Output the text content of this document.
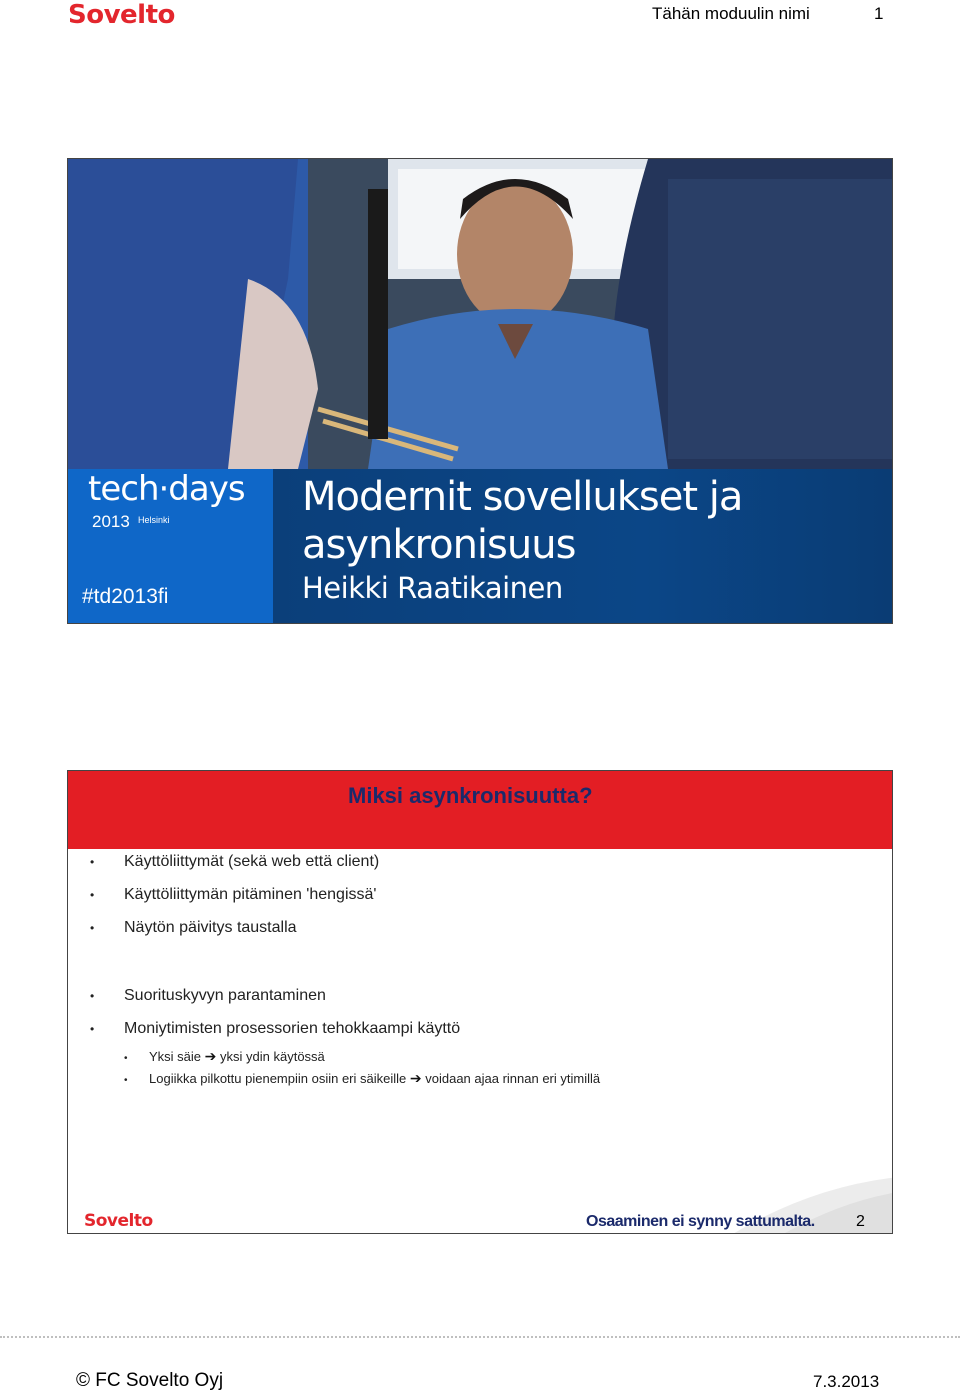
Sovelto	Tähän moduulin nimi	1
tech·days
2013 Helsinki
#td2013fi
Modernit sovellukset ja
asynkronisuus
Heikki Raatikainen
Miksi asynkronisuutta?
• Käyttöliittymät (sekä web että client)
• Käyttöliittymän pitäminen 'hengissä'
• Näytön päivitys taustalla
• Suorituskyvyn parantaminen
• Moniytimisten prosessorien tehokkaampi käyttö
• Yksi säie ➔ yksi ydin käytössä
• Logiikka pilkottu pienempiin osiin eri säikeille ➔ voidaan ajaa rinnan eri ytimillä
Sovelto	Osaaminen ei synny sattumalta.	2
© FC Sovelto Oyj	7.3.2013
